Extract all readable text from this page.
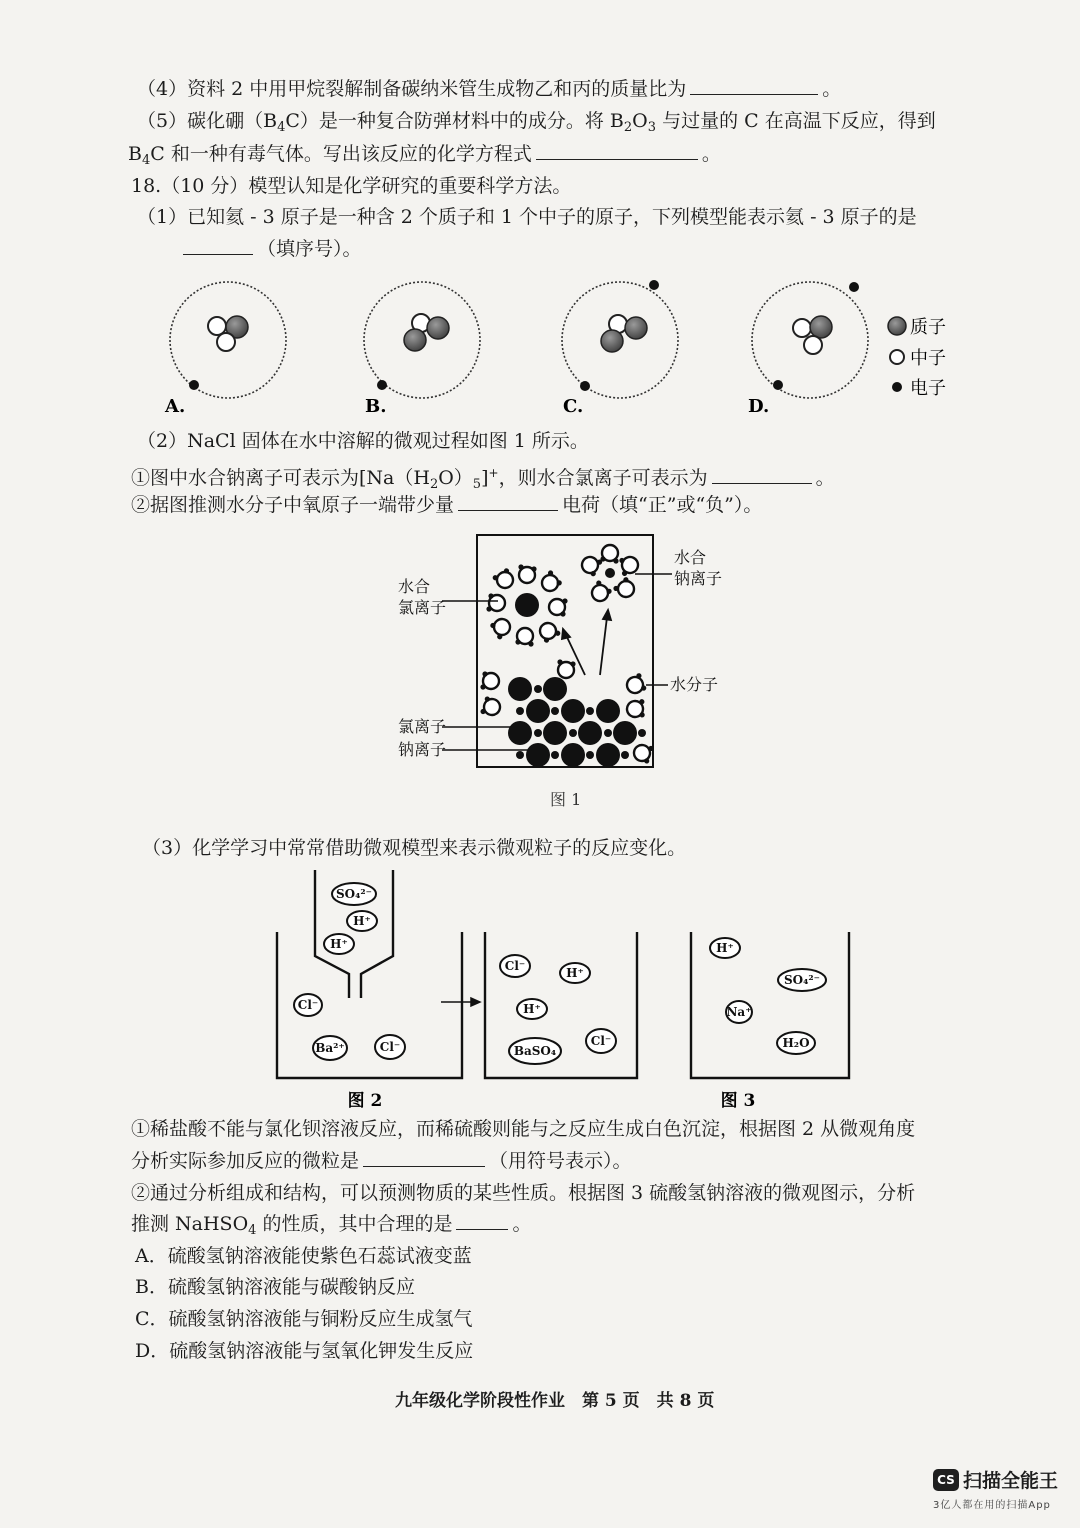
（4）资料 2 中用甲烷裂解制备碳纳米管生成物乙和丙的质量比为	。
（5）碳化硼$(B_4C)$是一种复合防弹材料中的成分。将 $B_2O_3$ 与过量的 C 在高温下反应，得到
$B_4C$ 和一种有毒气体。写出该反应的化学方程式	。
18.（10 分）模型认知是化学研究的重要科学方法。
（1）已知氦 - 3 原子是一种含 2 个质子和 1 个中子的原子，下列模型能表示氦 - 3 原子的是
（填序号）。
A.	B.	C.	D.
质子
中子
电子
（2）NaCl 固体在水中溶解的微观过程如图 1 所示。
①图中水合钠离子可表示为$[Na(H_2O)_5]^+$，则水合氯离子可表示为	。
②据图推测水分子中氧原子一端带少量	电荷（填“正”或“负”）。
水合
氯离子
水合
钠离子
水分子
氯离子
钠离子
图 1
（3）化学学习中常常借助微观模型来表示微观粒子的反应变化。
SO₄²⁻
H⁺
H⁺
Cl⁻
Ba²⁺	Cl⁻
Cl⁻	H⁺
H⁺
BaSO₄
Cl⁻
H⁺
SO₄²⁻
Na⁺
H₂O
图 2	图 3
①稀盐酸不能与氯化钡溶液反应，而稀硫酸则能与之反应生成白色沉淀，根据图 2 从微观角度
分析实际参加反应的微粒是	（用符号表示）。
②通过分析组成和结构，可以预测物质的某些性质。根据图 3 硫酸氢钠溶液的微观图示，分析
推测 NaHSO$_4$ 的性质，其中合理的是	。
A．硫酸氢钠溶液能使紫色石蕊试液变蓝
B．硫酸氢钠溶液能与碳酸钠反应
C．硫酸氢钠溶液能与铜粉反应生成氢气
D．硫酸氢钠溶液能与氢氧化钾发生反应
九年级化学阶段性作业　第 5 页　共 8 页
CS 扫描全能王
3亿人都在用的扫描App
